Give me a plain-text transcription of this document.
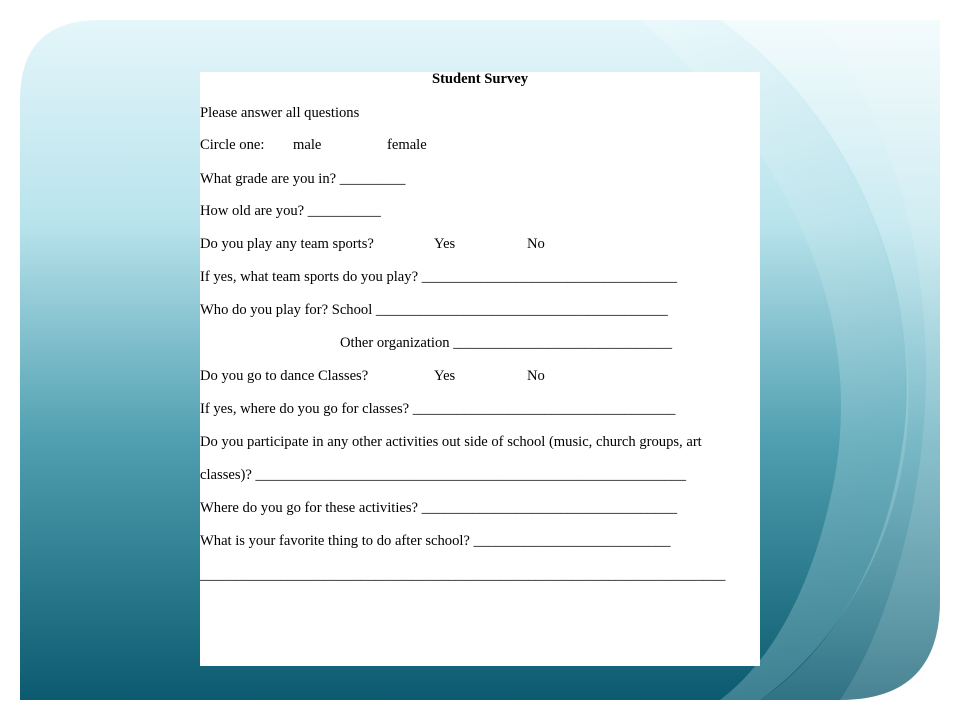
Student Survey
Please answer all questions
Circle one: male	female
What grade are you in? _________
How old are you? __________
Do you play any team sports?	Yes	No
If yes, what team sports do you play? ___________________________________
Who do you play for? School ________________________________________
Other organization ______________________________
Do you go to dance Classes?	Yes	No
If yes, where do you go for classes? ____________________________________
Do you participate in any other activities out side of school (music, church groups, art
classes)? ___________________________________________________________
Where do you go for these activities? ___________________________________
What is your favorite thing to do after school? ___________________________
________________________________________________________________________
